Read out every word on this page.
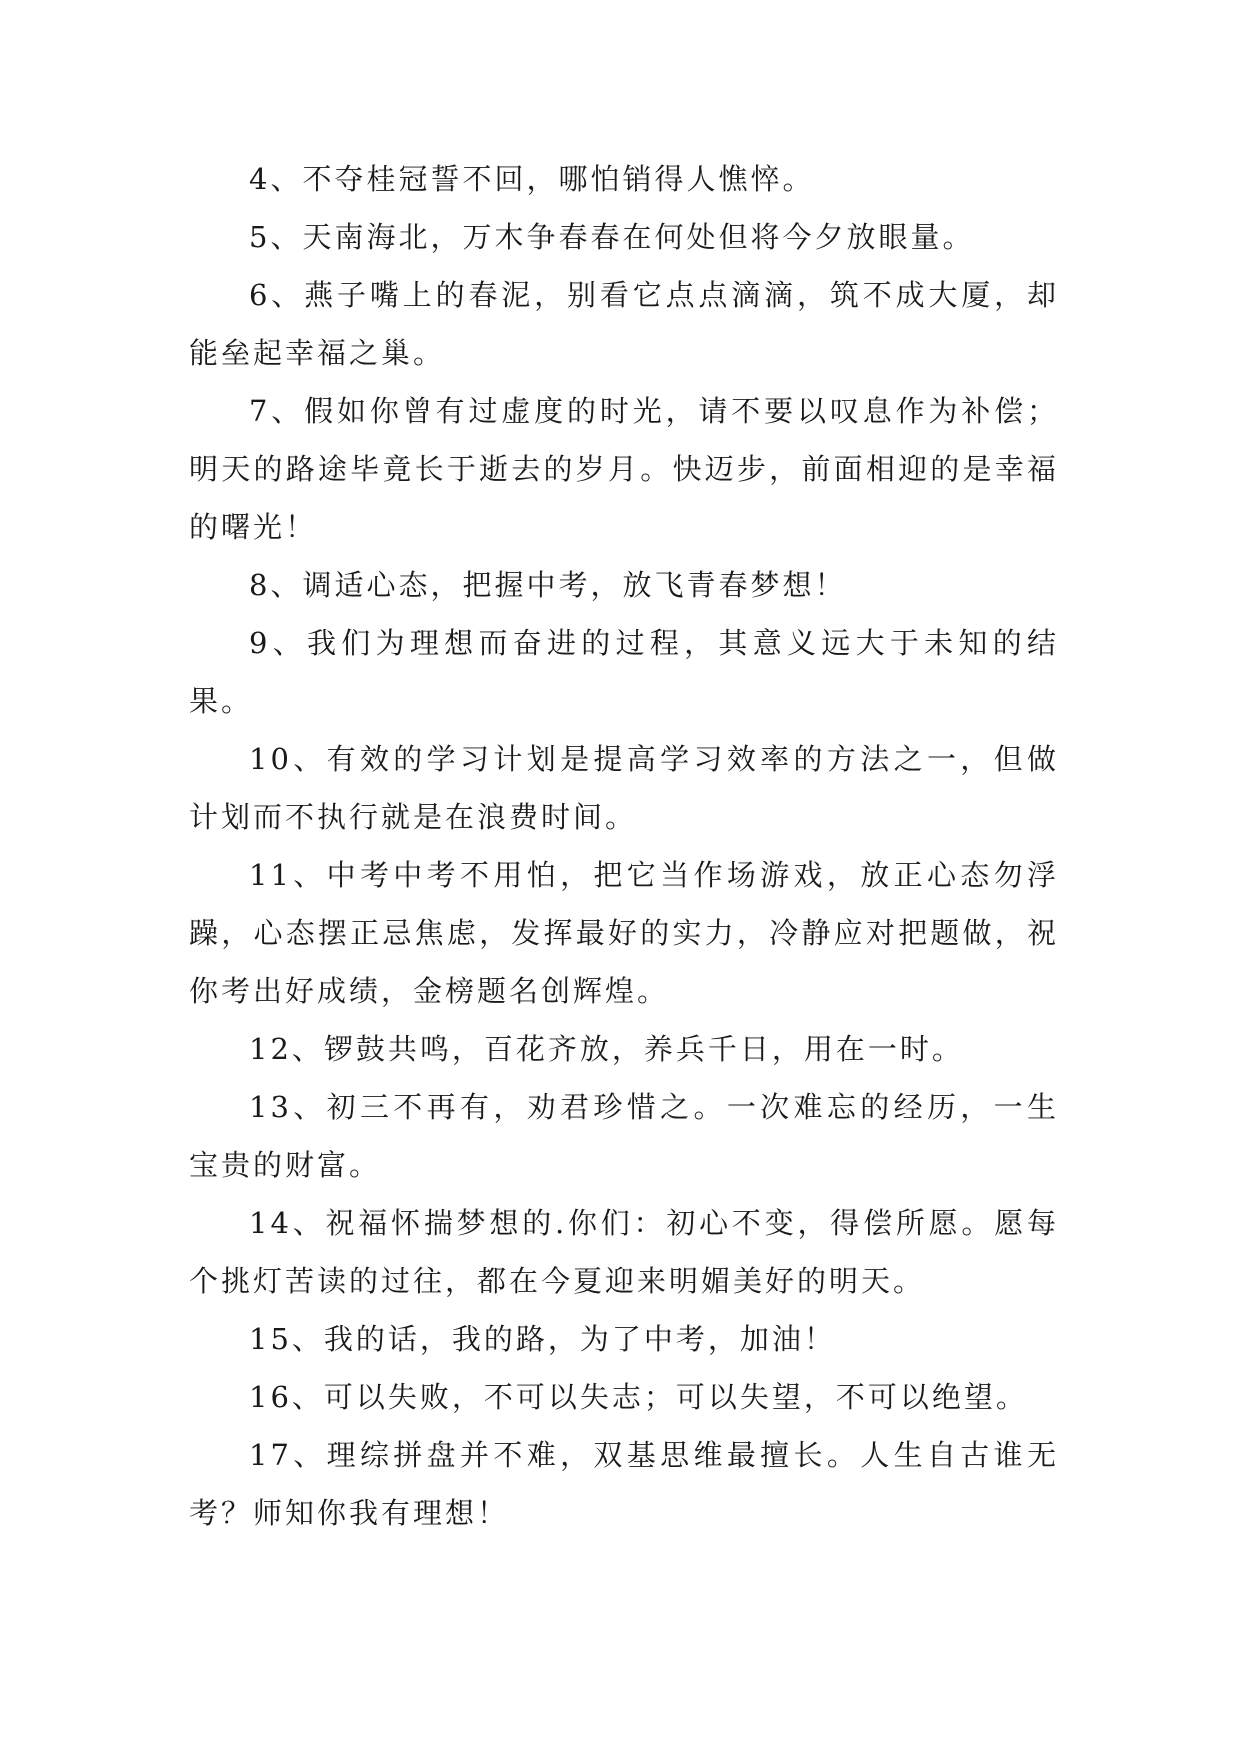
4、不夺桂冠誓不回，哪怕销得人憔悴。

5、天南海北，万木争春春在何处但将今夕放眼量。

6、燕子嘴上的春泥，别看它点点滴滴，筑不成大厦，却能垒起幸福之巢。

7、假如你曾有过虚度的时光，请不要以叹息作为补偿；明天的路途毕竟长于逝去的岁月。快迈步，前面相迎的是幸福的曙光！

8、调适心态，把握中考，放飞青春梦想！

9、我们为理想而奋进的过程，其意义远大于未知的结果。

10、有效的学习计划是提高学习效率的方法之一，但做计划而不执行就是在浪费时间。

11、中考中考不用怕，把它当作场游戏，放正心态勿浮躁，心态摆正忌焦虑，发挥最好的实力，冷静应对把题做，祝你考出好成绩，金榜题名创辉煌。

12、锣鼓共鸣，百花齐放，养兵千日，用在一时。

13、初三不再有，劝君珍惜之。一次难忘的经历，一生宝贵的财富。

14、祝福怀揣梦想的.你们：初心不变，得偿所愿。愿每个挑灯苦读的过往，都在今夏迎来明媚美好的明天。

15、我的话，我的路，为了中考，加油！

16、可以失败，不可以失志；可以失望，不可以绝望。

17、理综拼盘并不难，双基思维最擅长。人生自古谁无考？师知你我有理想！
